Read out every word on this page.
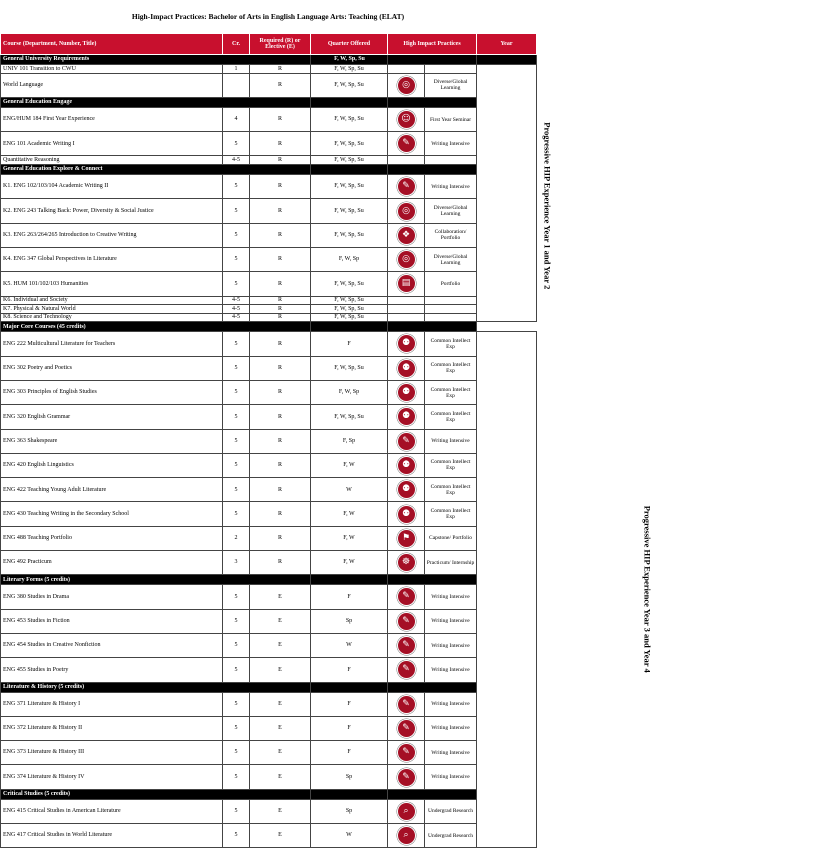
High-Impact Practices: Bachelor of Arts in English Language Arts: Teaching (ELAT)
Course (Department, Number, Title)	Cr.	Required (R) or Elective (E)	Quarter Offered	High Impact Practices		Year
General University Requirements			F, W, Sp, Su			
UNIV 101 Transition to CWU	1	R	F, W, Sp, Su			Progressive HIP Experience Year 1 and Year 2
World Language		R	F, W, Sp, Su	◎	Diverse/Global Learning	
General Education Engage						
ENG/HUM 184 First Year Experience	4	R	F, W, Sp, Su	☺	First Year Seminar	
ENG 101 Academic Writing I	5	R	F, W, Sp, Su	✎	Writing Intensive	
Quantitative Reasoning	4-5	R	F, W, Sp, Su			
General Education Explore & Connect						
K1. ENG 102/103/104 Academic Writing II	5	R	F, W, Sp, Su	✎	Writing Intensive	
K2. ENG 243 Talking Back: Power, Diversity & Social Justice	5	R	F, W, Sp, Su	◎	Diverse/Global Learning	
K3. ENG 263/264/265 Introduction to Creative Writing	5	R	F, W, Sp, Su	❖	Collaboration/ Portfolio	
K4. ENG 347 Global Perspectives in Literature	5	R	F, W, Sp	◎	Diverse/Global Learning	
K5. HUM 101/102/103 Humanities	5	R	F, W, Sp, Su	▤	Portfolio	
K6. Individual and Society	4-5	R	F, W, Sp, Su			
K7. Physical & Natural World	4-5	R	F, W, Sp, Su			
K8. Science and Technology	4-5	R	F, W, Sp, Su			
Major Core Courses (45 credits)						
ENG 222 Multicultural Literature for Teachers	5	R	F	⚉	Common Intellect Exp	Progressive HIP Experience Year 3 and Year 4
ENG 302 Poetry and Poetics	5	R	F, W, Sp, Su	⚉	Common Intellect Exp	
ENG 303 Principles of English Studies	5	R	F, W, Sp	⚉	Common Intellect Exp	
ENG 320 English Grammar	5	R	F, W, Sp, Su	⚉	Common Intellect Exp	
ENG 363 Shakespeare	5	R	F, Sp	✎	Writing Intensive	
ENG 420 English Linguistics	5	R	F, W	⚉	Common Intellect Exp	
ENG 422 Teaching Young Adult Literature	5	R	W	⚉	Common Intellect Exp	
ENG 430 Teaching Writing in the Secondary School	5	R	F, W	⚉	Common Intellect Exp	
ENG 488 Teaching Portfolio	2	R	F, W	⚑	Capstone/ Portfolio	
ENG 492 Practicum	3	R	F, W	☸	Practicum/ Internship	
Literary Forms (5 credits)						
ENG 380 Studies in Drama	5	E	F	✎	Writing Intensive	
ENG 453 Studies in Fiction	5	E	Sp	✎	Writing Intensive	
ENG 454 Studies in Creative Nonfiction	5	E	W	✎	Writing Intensive	
ENG 455 Studies in Poetry	5	E	F	✎	Writing Intensive	
Literature & History (5 credits)						
ENG 371 Literature & History I	5	E	F	✎	Writing Intensive	
ENG 372 Literature & History II	5	E	F	✎	Writing Intensive	
ENG 373 Literature & History III	5	E	F	✎	Writing Intensive	
ENG 374 Literature & History IV	5	E	Sp	✎	Writing Intensive	
Critical Studies (5 credits)						
ENG 415 Critical Studies in American Literature	5	E	Sp	⌕	Undergrad Research	
ENG 417 Critical Studies in World Literature	5	E	W	⌕	Undergrad Research	
